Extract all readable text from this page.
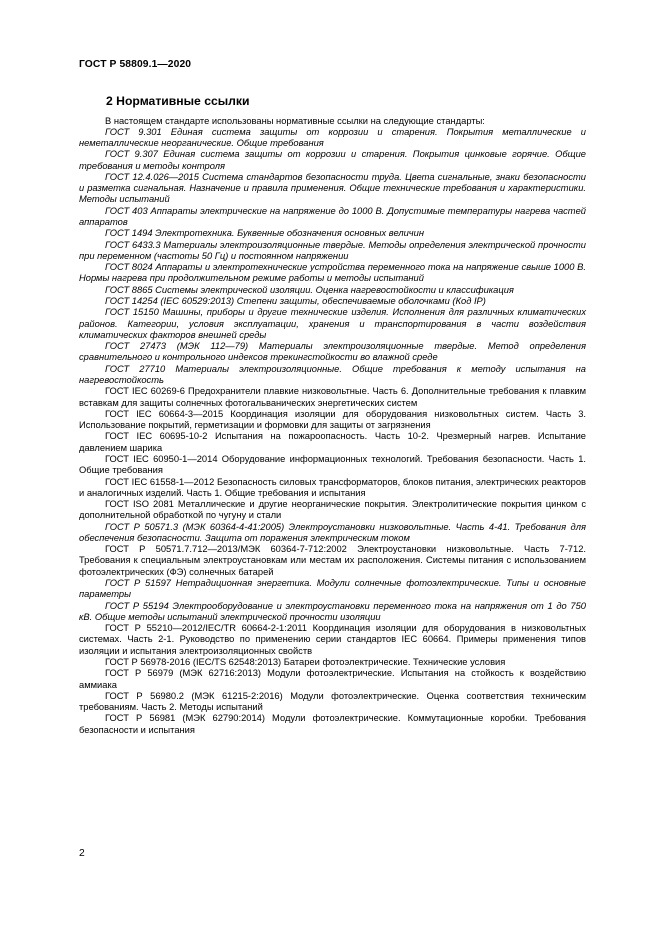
ГОСТ Р 58809.1—2020
2 Нормативные ссылки

В настоящем стандарте использованы нормативные ссылки на следующие стандарты:

ГОСТ 9.301 Единая система защиты от коррозии и старения. Покрытия металлические и неметаллические неорганические. Общие требования

ГОСТ 9.307 Единая система защиты от коррозии и старения. Покрытия цинковые горячие. Общие требования и методы контроля

ГОСТ 12.4.026—2015 Система стандартов безопасности труда. Цвета сигнальные, знаки безопасности и разметка сигнальная. Назначение и правила применения. Общие технические требования и характеристики. Методы испытаний

ГОСТ 403 Аппараты электрические на напряжение до 1000 В. Допустимые температуры нагрева частей аппаратов

ГОСТ 1494 Электротехника. Буквенные обозначения основных величин

ГОСТ 6433.3 Материалы электроизоляционные твердые. Методы определения электрической прочности при переменном (частоты 50 Гц) и постоянном напряжении

ГОСТ 8024 Аппараты и электротехнические устройства переменного тока на напряжение свыше 1000 В. Нормы нагрева при продолжительном режиме работы и методы испытаний

ГОСТ 8865 Системы электрической изоляции. Оценка нагревостойкости и классификация

ГОСТ 14254 (IEC 60529:2013) Степени защиты, обеспечиваемые оболочками (Код IP)

ГОСТ 15150 Машины, приборы и другие технические изделия. Исполнения для различных климатических районов. Категории, условия эксплуатации, хранения и транспортирования в части воздействия климатических факторов внешней среды

ГОСТ 27473 (МЭК 112—79) Материалы электроизоляционные твердые. Метод определения сравнительного и контрольного индексов трекингстойкости во влажной среде

ГОСТ 27710 Материалы электроизоляционные. Общие требования к методу испытания на нагревостойкость

ГОСТ IEC 60269-6 Предохранители плавкие низковольтные. Часть 6. Дополнительные требования к плавким вставкам для защиты солнечных фотогальванических энергетических систем

ГОСТ IEC 60664-3—2015 Координация изоляции для оборудования низковольтных систем. Часть 3. Использование покрытий, герметизации и формовки для защиты от загрязнения

ГОСТ IEC 60695-10-2 Испытания на пожароопасность. Часть 10-2. Чрезмерный нагрев. Испытание давлением шарика

ГОСТ IEC 60950-1—2014 Оборудование информационных технологий. Требования безопасности. Часть 1. Общие требования

ГОСТ IEC 61558-1—2012 Безопасность силовых трансформаторов, блоков питания, электрических реакторов и аналогичных изделий. Часть 1. Общие требования и испытания

ГОСТ ISO 2081 Металлические и другие неорганические покрытия. Электролитические покрытия цинком с дополнительной обработкой по чугуну и стали

ГОСТ Р 50571.3 (МЭК 60364-4-41:2005) Электроустановки низковольтные. Часть 4-41. Требования для обеспечения безопасности. Защита от поражения электрическим током

ГОСТ Р 50571.7.712—2013/МЭК 60364-7-712:2002 Электроустановки низковольтные. Часть 7-712. Требования к специальным электроустановкам или местам их расположения. Системы питания с использованием фотоэлектрических (ФЭ) солнечных батарей

ГОСТ Р 51597 Нетрадиционная энергетика. Модули солнечные фотоэлектрические. Типы и основные параметры

ГОСТ Р 55194 Электрооборудование и электроустановки переменного тока на напряжения от 1 до 750 кВ. Общие методы испытаний электрической прочности изоляции

ГОСТ Р 55210—2012/IEC/TR 60664-2-1:2011 Координация изоляции для оборудования в низковольтных системах. Часть 2-1. Руководство по применению серии стандартов IEC 60664. Примеры применения типов изоляции и испытания электроизоляционных свойств

ГОСТ Р 56978-2016 (IEC/TS 62548:2013) Батареи фотоэлектрические. Технические условия

ГОСТ Р 56979 (МЭК 62716:2013) Модули фотоэлектрические. Испытания на стойкость к воздействию аммиака

ГОСТ Р 56980.2 (МЭК 61215-2:2016) Модули фотоэлектрические. Оценка соответствия техническим требованиям. Часть 2. Методы испытаний

ГОСТ Р 56981 (МЭК 62790:2014) Модули фотоэлектрические. Коммутационные коробки. Требования безопасности и испытания

2
